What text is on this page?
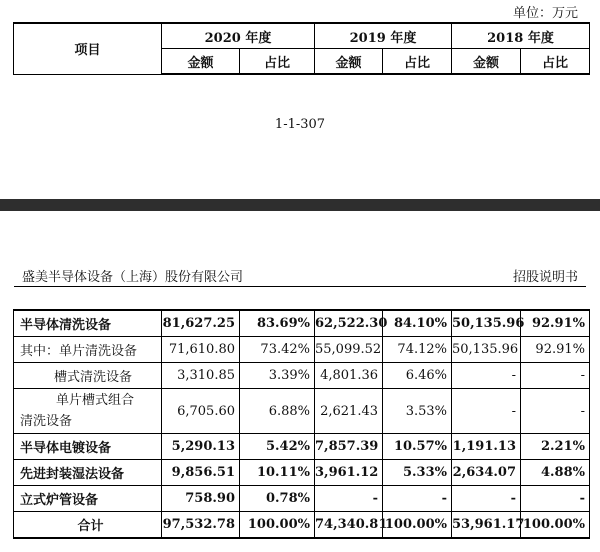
单位：万元
项目	2020 年度		2019 年度		2018 年度	
	金额	占比	金额	占比	金额	占比
1-1-307
盛美半导体设备（上海）股份有限公司	招股说明书
半导体清洗设备	81,627.25	83.69%	62,522.30	84.10%	50,135.96	92.91%
其中：单片清洗设备	71,610.80	73.42%	55,099.52	74.12%	50,135.96	92.91%
槽式清洗设备	3,310.85	3.39%	4,801.36	6.46%	-	-

单片槽式组合
清洗设备	6,705.60	6.88%	2,621.43	3.53%	-	-
半导体电镀设备	5,290.13	5.42%	7,857.39	10.57%	1,191.13	2.21%
先进封装湿法设备	9,856.51	10.11%	3,961.12	5.33%	2,634.07	4.88%
立式炉管设备	758.90	0.78%	-	-	-	-
合计	97,532.78	100.00%	74,340.81	100.00%	53,961.17	100.00%
